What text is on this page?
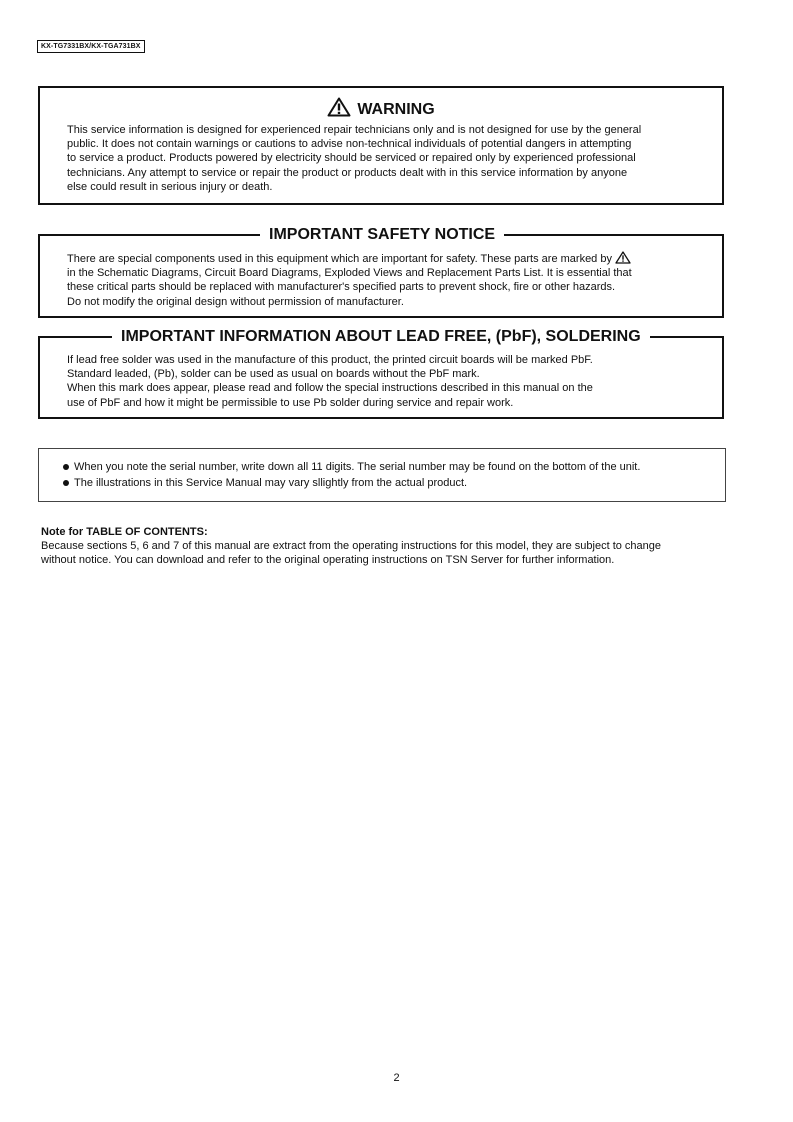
KX-TG7331BX/KX-TGA731BX
WARNING
This service information is designed for experienced repair technicians only and is not designed for use by the general
public. It does not contain warnings or cautions to advise non-technical individuals of potential dangers in attempting
to service a product. Products powered by electricity should be serviced or repaired only by experienced professional
technicians. Any attempt to service or repair the product or products dealt with in this service information by anyone
else could result in serious injury or death.
IMPORTANT SAFETY NOTICE
There are special components used in this equipment which are important for safety. These parts are marked by
in the Schematic Diagrams, Circuit Board Diagrams, Exploded Views and Replacement Parts List. It is essential that
these critical parts should be replaced with manufacturer's specified parts to prevent shock, fire or other hazards.
Do not modify the original design without permission of manufacturer.
IMPORTANT INFORMATION ABOUT LEAD FREE, (PbF), SOLDERING
If lead free solder was used in the manufacture of this product, the printed circuit boards will be marked PbF.
Standard leaded, (Pb), solder can be used as usual on boards without the PbF mark.
When this mark does appear, please read and follow the special instructions described in this manual on the
use of PbF and how it might be permissible to use Pb solder during service and repair work.
When you note the serial number, write down all 11 digits. The serial number may be found on the bottom of the unit.
The illustrations in this Service Manual may vary sllightly from the actual product.
Note for TABLE OF CONTENTS:
Because sections 5, 6 and 7 of this manual are extract from the operating instructions for this model, they are subject to change
without notice. You can download and refer to the original operating instructions on TSN Server for further information.
2
